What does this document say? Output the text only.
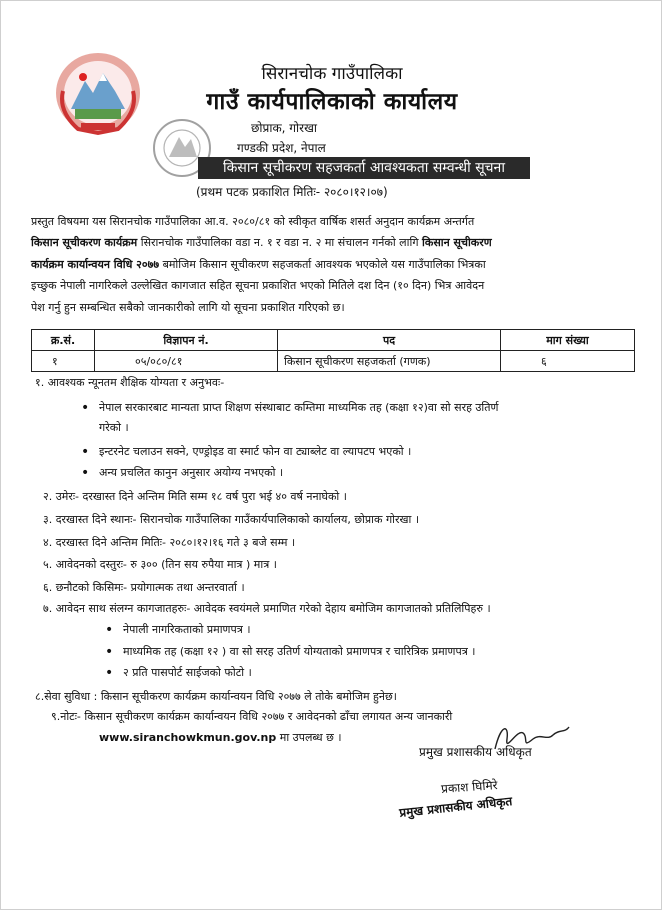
सिरानचोक गाउँपालिका
गाउँ कार्यपालिकाको कार्यालय
छोप्राक, गोरखा
गण्डकी प्रदेश, नेपाल
किसान सूचीकरण सहजकर्ता आवश्यकता सम्वन्धी सूचना
(प्रथम पटक प्रकाशित मितिः- २०८०।१२।०७)
प्रस्तुत विषयमा यस सिरानचोक गाउँपालिका आ.व. २०८०/८१ को स्वीकृत वार्षिक शसर्त अनुदान कार्यक्रम अन्तर्गत
किसान सूचीकरण कार्यक्रम सिरानचोक गाउँपालिका वडा न. १ र वडा न. २ मा संचालन गर्नको लागि किसान सूचीकरण
कार्यक्रम कार्यान्वयन विधि २०७७ बमोजिम किसान सूचीकरण सहजकर्ता आवश्यक भएकोले यस गाउँपालिका भित्रका
इच्छुक नेपाली नागरिकले उल्लेखित कागजात सहित सूचना प्रकाशित भएको मितिले दश दिन (१० दिन) भित्र आवेदन
पेश गर्नु हुन सम्बन्धित सबैको जानकारीको लागि यो सूचना प्रकाशित गरिएको छ।
क्र.सं.	विज्ञापन नं.	पद	माग संख्या
१	०५/०८०/८१	किसान सूचीकरण सहजकर्ता (गणक)	६
१. आवश्यक न्यूनतम शैक्षिक योग्यता र अनुभवः-
• नेपाल सरकारबाट मान्यता प्राप्त शिक्षण संस्थाबाट कम्तिमा माध्यमिक तह (कक्षा १२)वा सो सरह उतिर्ण
गरेको ।
• इन्टरनेट चलाउन सक्ने, एण्ड्रोइड वा स्मार्ट फोन वा ट्याब्लेट वा ल्यापटप भएको ।
• अन्य प्रचलित कानुन अनुसार अयोग्य नभएको ।
२. उमेरः- दरखास्त दिने अन्तिम मिति सम्म १८ वर्ष पुरा भई ४० वर्ष ननाघेको ।
३. दरखास्त दिने स्थानः- सिरानचोक गाउँपालिका गाउँकार्यपालिकाको कार्यालय, छोप्राक गोरखा ।
४. दरखास्त दिने अन्तिम मितिः- २०८०।१२।१६ गते ३ बजे सम्म ।
५. आवेदनको दस्तुरः- रु ३०० (तिन सय रुपैया मात्र ) मात्र ।
६. छनौटको किसिमः- प्रयोगात्मक तथा अन्तरवार्ता ।
७. आवेदन साथ संलग्न कागजातहरुः- आवेदक स्वयंमले प्रमाणित गरेको देहाय बमोजिम कागजातको प्रतिलिपिहरु ।
• नेपाली नागरिकताको प्रमाणपत्र ।
• माध्यमिक तह (कक्षा १२ ) वा सो सरह उतिर्ण योग्यताको प्रमाणपत्र र चारित्रिक प्रमाणपत्र ।
• २ प्रति पासपोर्ट साईजको फोटो ।
८.सेवा सुविधा : किसान सूचीकरण कार्यक्रम कार्यान्वयन विधि २०७७ ले तोके बमोजिम हुनेछ।
९.नोटः- किसान सूचीकरण कार्यक्रम कार्यान्वयन विधि २०७७ र आवेदनको ढाँचा लगायत अन्य जानकारी
www.siranchowkmun.gov.np मा उपलब्ध छ ।
प्रमुख प्रशासकीय अधिकृत
प्रकाश घिमिरे
प्रमुख प्रशासकीय अधिकृत
